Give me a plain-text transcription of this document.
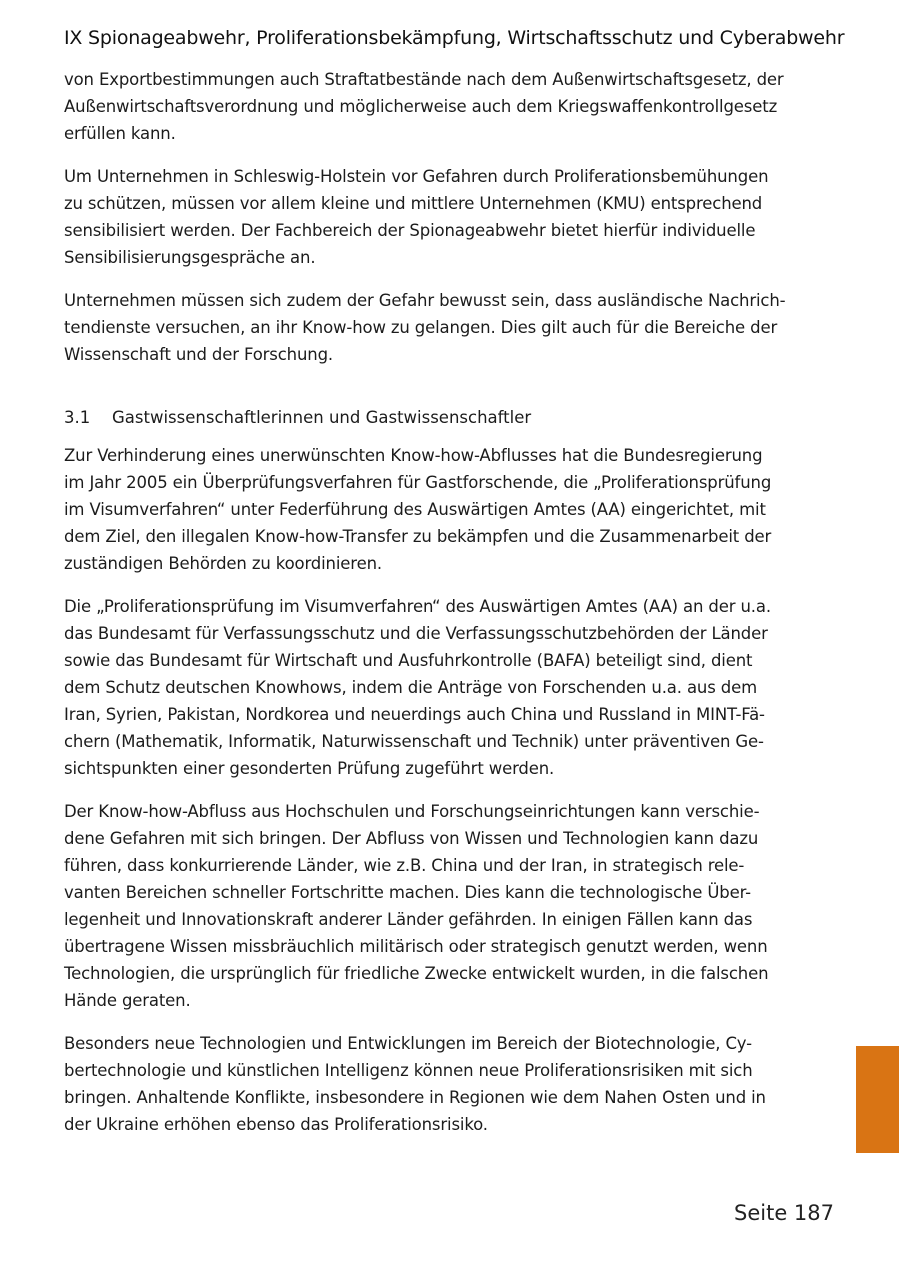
IX Spionageabwehr, Proliferationsbekämpfung, Wirtschaftsschutz und Cyberabwehr

von Exportbestimmungen auch Straftatbestände nach dem Außenwirtschaftsgesetz, der
Außenwirtschaftsverordnung und möglicherweise auch dem Kriegswaffenkontrollgesetz
erfüllen kann.

Um Unternehmen in Schleswig-Holstein vor Gefahren durch Proliferationsbemühungen
zu schützen, müssen vor allem kleine und mittlere Unternehmen (KMU) entsprechend
sensibilisiert werden. Der Fachbereich der Spionageabwehr bietet hierfür individuelle
Sensibilisierungsgespräche an.

Unternehmen müssen sich zudem der Gefahr bewusst sein, dass ausländische Nachrich-
tendienste versuchen, an ihr Know-how zu gelangen. Dies gilt auch für die Bereiche der
Wissenschaft und der Forschung.

3.1 Gastwissenschaftlerinnen und Gastwissenschaftler

Zur Verhinderung eines unerwünschten Know-how-Abflusses hat die Bundesregierung
im Jahr 2005 ein Überprüfungsverfahren für Gastforschende, die „Proliferationsprüfung
im Visumverfahren“ unter Federführung des Auswärtigen Amtes (AA) eingerichtet, mit
dem Ziel, den illegalen Know-how-Transfer zu bekämpfen und die Zusammenarbeit der
zuständigen Behörden zu koordinieren.

Die „Proliferationsprüfung im Visumverfahren“ des Auswärtigen Amtes (AA) an der u.a.
das Bundesamt für Verfassungsschutz und die Verfassungsschutzbehörden der Länder
sowie das Bundesamt für Wirtschaft und Ausfuhrkontrolle (BAFA) beteiligt sind, dient
dem Schutz deutschen Knowhows, indem die Anträge von Forschenden u.a. aus dem
Iran, Syrien, Pakistan, Nordkorea und neuerdings auch China und Russland in MINT-Fä-
chern (Mathematik, Informatik, Naturwissenschaft und Technik) unter präventiven Ge-
sichtspunkten einer gesonderten Prüfung zugeführt werden.

Der Know-how-Abfluss aus Hochschulen und Forschungseinrichtungen kann verschie-
dene Gefahren mit sich bringen. Der Abfluss von Wissen und Technologien kann dazu
führen, dass konkurrierende Länder, wie z.B. China und der Iran, in strategisch rele-
vanten Bereichen schneller Fortschritte machen. Dies kann die technologische Über-
legenheit und Innovationskraft anderer Länder gefährden. In einigen Fällen kann das
übertragene Wissen missbräuchlich militärisch oder strategisch genutzt werden, wenn
Technologien, die ursprünglich für friedliche Zwecke entwickelt wurden, in die falschen
Hände geraten.

Besonders neue Technologien und Entwicklungen im Bereich der Biotechnologie, Cy-
bertechnologie und künstlichen Intelligenz können neue Proliferationsrisiken mit sich
bringen. Anhaltende Konflikte, insbesondere in Regionen wie dem Nahen Osten und in
der Ukraine erhöhen ebenso das Proliferationsrisiko.

Seite 187
